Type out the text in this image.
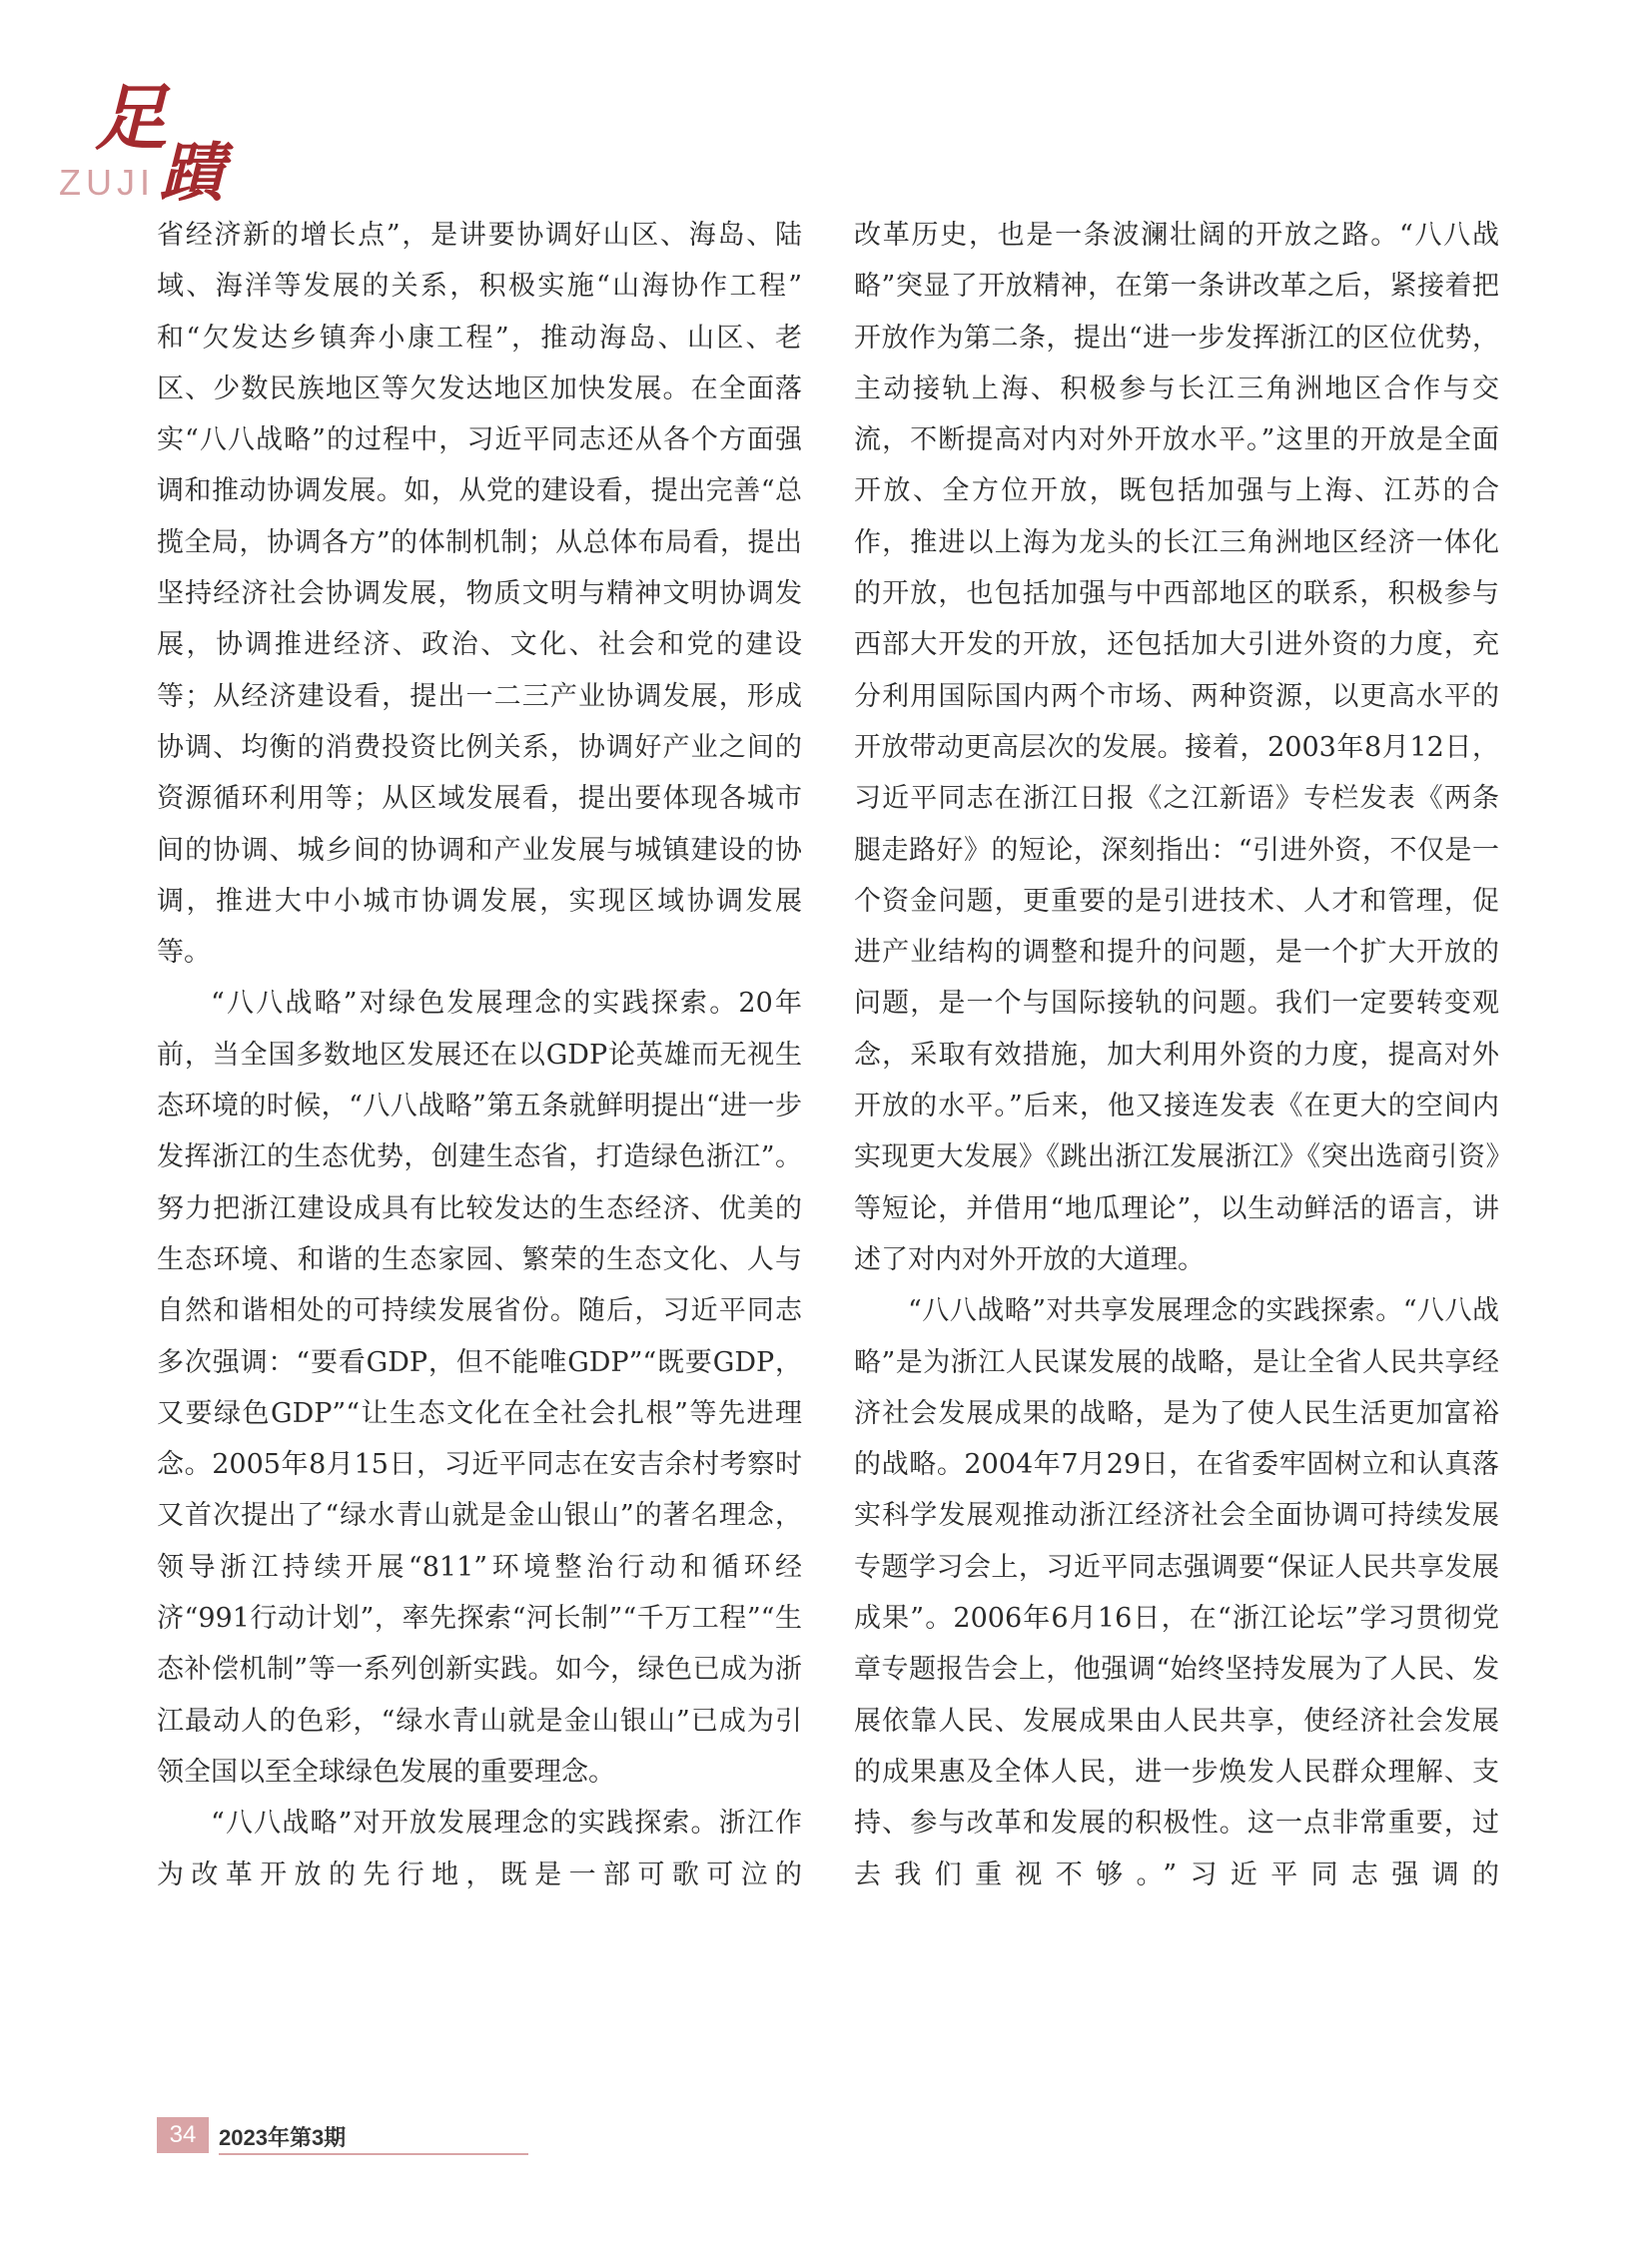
足
蹟
ZUJI

省经济新的增长点”，是讲要协调好山区、海岛、陆域、海洋等发展的关系，积极实施“山海协作工程” 和“欠发达乡镇奔小康工程”，推动海岛、山区、老区、少数民族地区等欠发达地区加快发展。在全面落实“八八战略”的过程中，习近平同志还从各个方面强调和推动协调发展。如，从党的建设看，提出完善“总揽全局，协调各方”的体制机制；从总体布局看，提出坚持经济社会协调发展，物质文明与精神文明协调发展，协调推进经济、政治、文化、社会和党的建设等；从经济建设看，提出一二三产业协调发展，形成协调、均衡的消费投资比例关系，协调好产业之间的资源循环利用等；从区域发展看，提出要体现各城市间的协调、城乡间的协调和产业发展与城镇建设的协调，推进大中小城市协调发展，实现区域协调发展等。

“八八战略”对绿色发展理念的实践探索。20年前，当全国多数地区发展还在以GDP论英雄而无视生态环境的时候，“八八战略”第五条就鲜明提出“进一步发挥浙江的生态优势，创建生态省，打造绿色浙江”。努力把浙江建设成具有比较发达的生态经济、优美的生态环境、和谐的生态家园、繁荣的生态文化、人与自然和谐相处的可持续发展省份。随后，习近平同志多次强调：“要看GDP，但不能唯GDP”“既要GDP，又要绿色GDP”“让生态文化在全社会扎根”等先进理念。2005年8月15日，习近平同志在安吉余村考察时又首次提出了“绿水青山就是金山银山”的著名理念，领导浙江持续开展“811”环境整治行动和循环经济“991行动计划”，率先探索“河长制”“千万工程”“生态补偿机制”等一系列创新实践。如今，绿色已成为浙江最动人的色彩，“绿水青山就是金山银山”已成为引领全国以至全球绿色发展的重要理念。

“八八战略”对开放发展理念的实践探索。浙江作为改革开放的先行地，既是一部可歌可泣的

改革历史，也是一条波澜壮阔的开放之路。“八八战略”突显了开放精神，在第一条讲改革之后，紧接着把开放作为第二条，提出“进一步发挥浙江的区位优势，主动接轨上海、积极参与长江三角洲地区合作与交流，不断提高对内对外开放水平。”这里的开放是全面开放、全方位开放，既包括加强与上海、江苏的合作，推进以上海为龙头的长江三角洲地区经济一体化的开放，也包括加强与中西部地区的联系，积极参与西部大开发的开放，还包括加大引进外资的力度，充分利用国际国内两个市场、两种资源，以更高水平的开放带动更高层次的发展。接着，2003年8月12日，习近平同志在浙江日报《之江新语》专栏发表《两条腿走路好》的短论，深刻指出：“引进外资，不仅是一个资金问题，更重要的是引进技术、人才和管理，促进产业结构的调整和提升的问题，是一个扩大开放的问题，是一个与国际接轨的问题。我们一定要转变观念，采取有效措施，加大利用外资的力度，提高对外开放的水平。”后来，他又接连发表《在更大的空间内实现更大发展》《跳出浙江发展浙江》《突出选商引资》等短论，并借用“地瓜理论”，以生动鲜活的语言，讲述了对内对外开放的大道理。

“八八战略”对共享发展理念的实践探索。“八八战略”是为浙江人民谋发展的战略，是让全省人民共享经济社会发展成果的战略，是为了使人民生活更加富裕的战略。2004年7月29日，在省委牢固树立和认真落实科学发展观推动浙江经济社会全面协调可持续发展专题学习会上，习近平同志强调要“保证人民共享发展成果”。2006年6月16日，在“浙江论坛”学习贯彻党章专题报告会上，他强调“始终坚持发展为了人民、发展依靠人民、发展成果由人民共享，使经济社会发展的成果惠及全体人民，进一步焕发人民群众理解、支持、参与改革和发展的积极性。这一点非常重要，过去我们重视不够。”习近平同志强调的

34	2023年第3期
